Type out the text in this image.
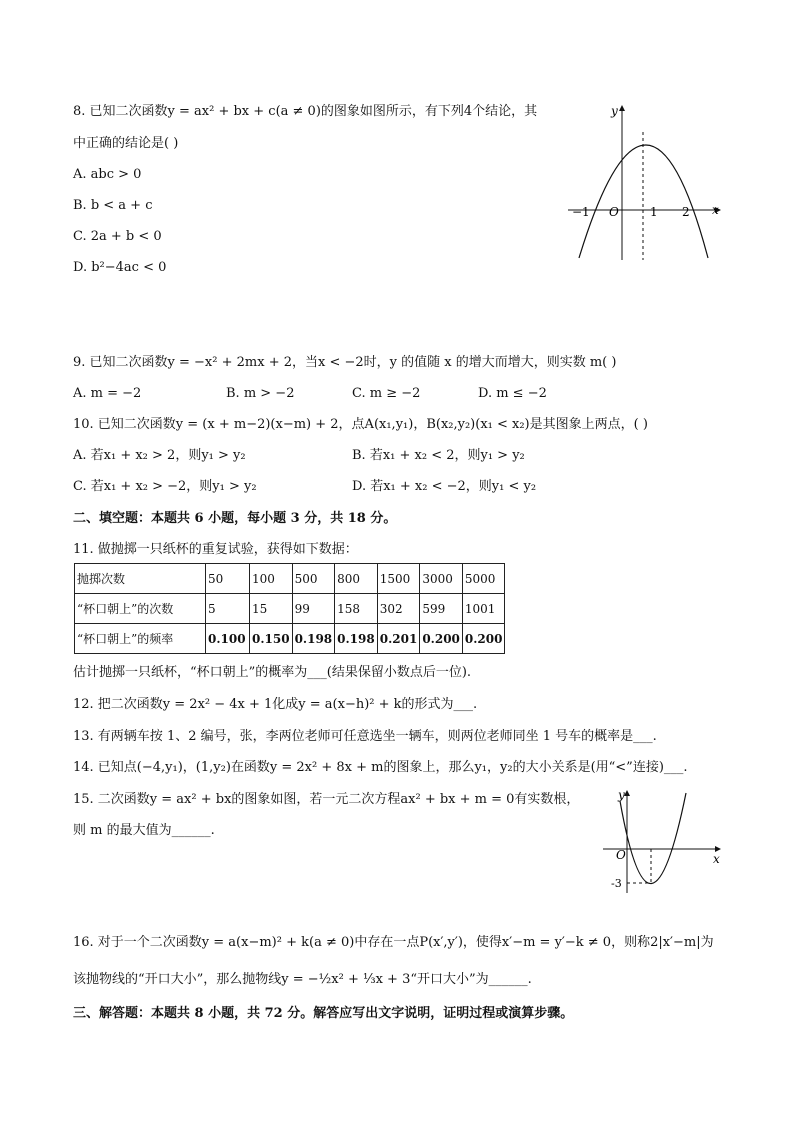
8. 已知二次函数y = ax² + bx + c(a ≠ 0)的图象如图所示，有下列4个结论，其
中正确的结论是( )
A. abc > 0
B. b < a + c
C. 2a + b < 0
D. b²−4ac < 0
y
x
O
−1	1 2
9. 已知二次函数y = −x² + 2mx + 2，当x < −2时，y 的值随 x 的增大而增大，则实数 m( )
A. m = −2	B. m > −2	C. m ≥ −2	D. m ≤ −2
10. 已知二次函数y = (x + m−2)(x−m) + 2，点A(x₁,y₁)，B(x₂,y₂)(x₁ < x₂)是其图象上两点，( )
A. 若x₁ + x₂ > 2，则y₁ > y₂	B. 若x₁ + x₂ < 2，则y₁ > y₂
C. 若x₁ + x₂ > −2，则y₁ > y₂	D. 若x₁ + x₂ < −2，则y₁ < y₂
二、填空题：本题共 6 小题，每小题 3 分，共 18 分。
11. 做抛掷一只纸杯的重复试验，获得如下数据：
抛掷次数	50	100	500	800	1500	3000	5000
“杯口朝上”的次数	5	15	99	158	302	599	1001
“杯口朝上”的频率	0.100	0.150	0.198	0.198	0.201	0.200	0.200
估计抛掷一只纸杯，“杯口朝上”的概率为___(结果保留小数点后一位).
12. 把二次函数y = 2x² − 4x + 1化成y = a(x−h)² + k的形式为___.
13. 有两辆车按 1、2 编号，张，李两位老师可任意选坐一辆车，则两位老师同坐 1 号车的概率是___.
14. 已知点(−4,y₁)，(1,y₂)在函数y = 2x² + 8x + m的图象上，那么y₁，y₂的大小关系是(用“<”连接)___.
15. 二次函数y = ax² + bx的图象如图，若一元二次方程ax² + bx + m = 0有实数根，
则 m 的最大值为______.
y
x
O
-3
16. 对于一个二次函数y = a(x−m)² + k(a ≠ 0)中存在一点P(x′,y′)，使得x′−m = y′−k ≠ 0，则称2|x′−m|为
该抛物线的“开口大小”，那么抛物线y = −½x² + ⅓x + 3“开口大小”为______.
三、解答题：本题共 8 小题，共 72 分。解答应写出文字说明，证明过程或演算步骤。
